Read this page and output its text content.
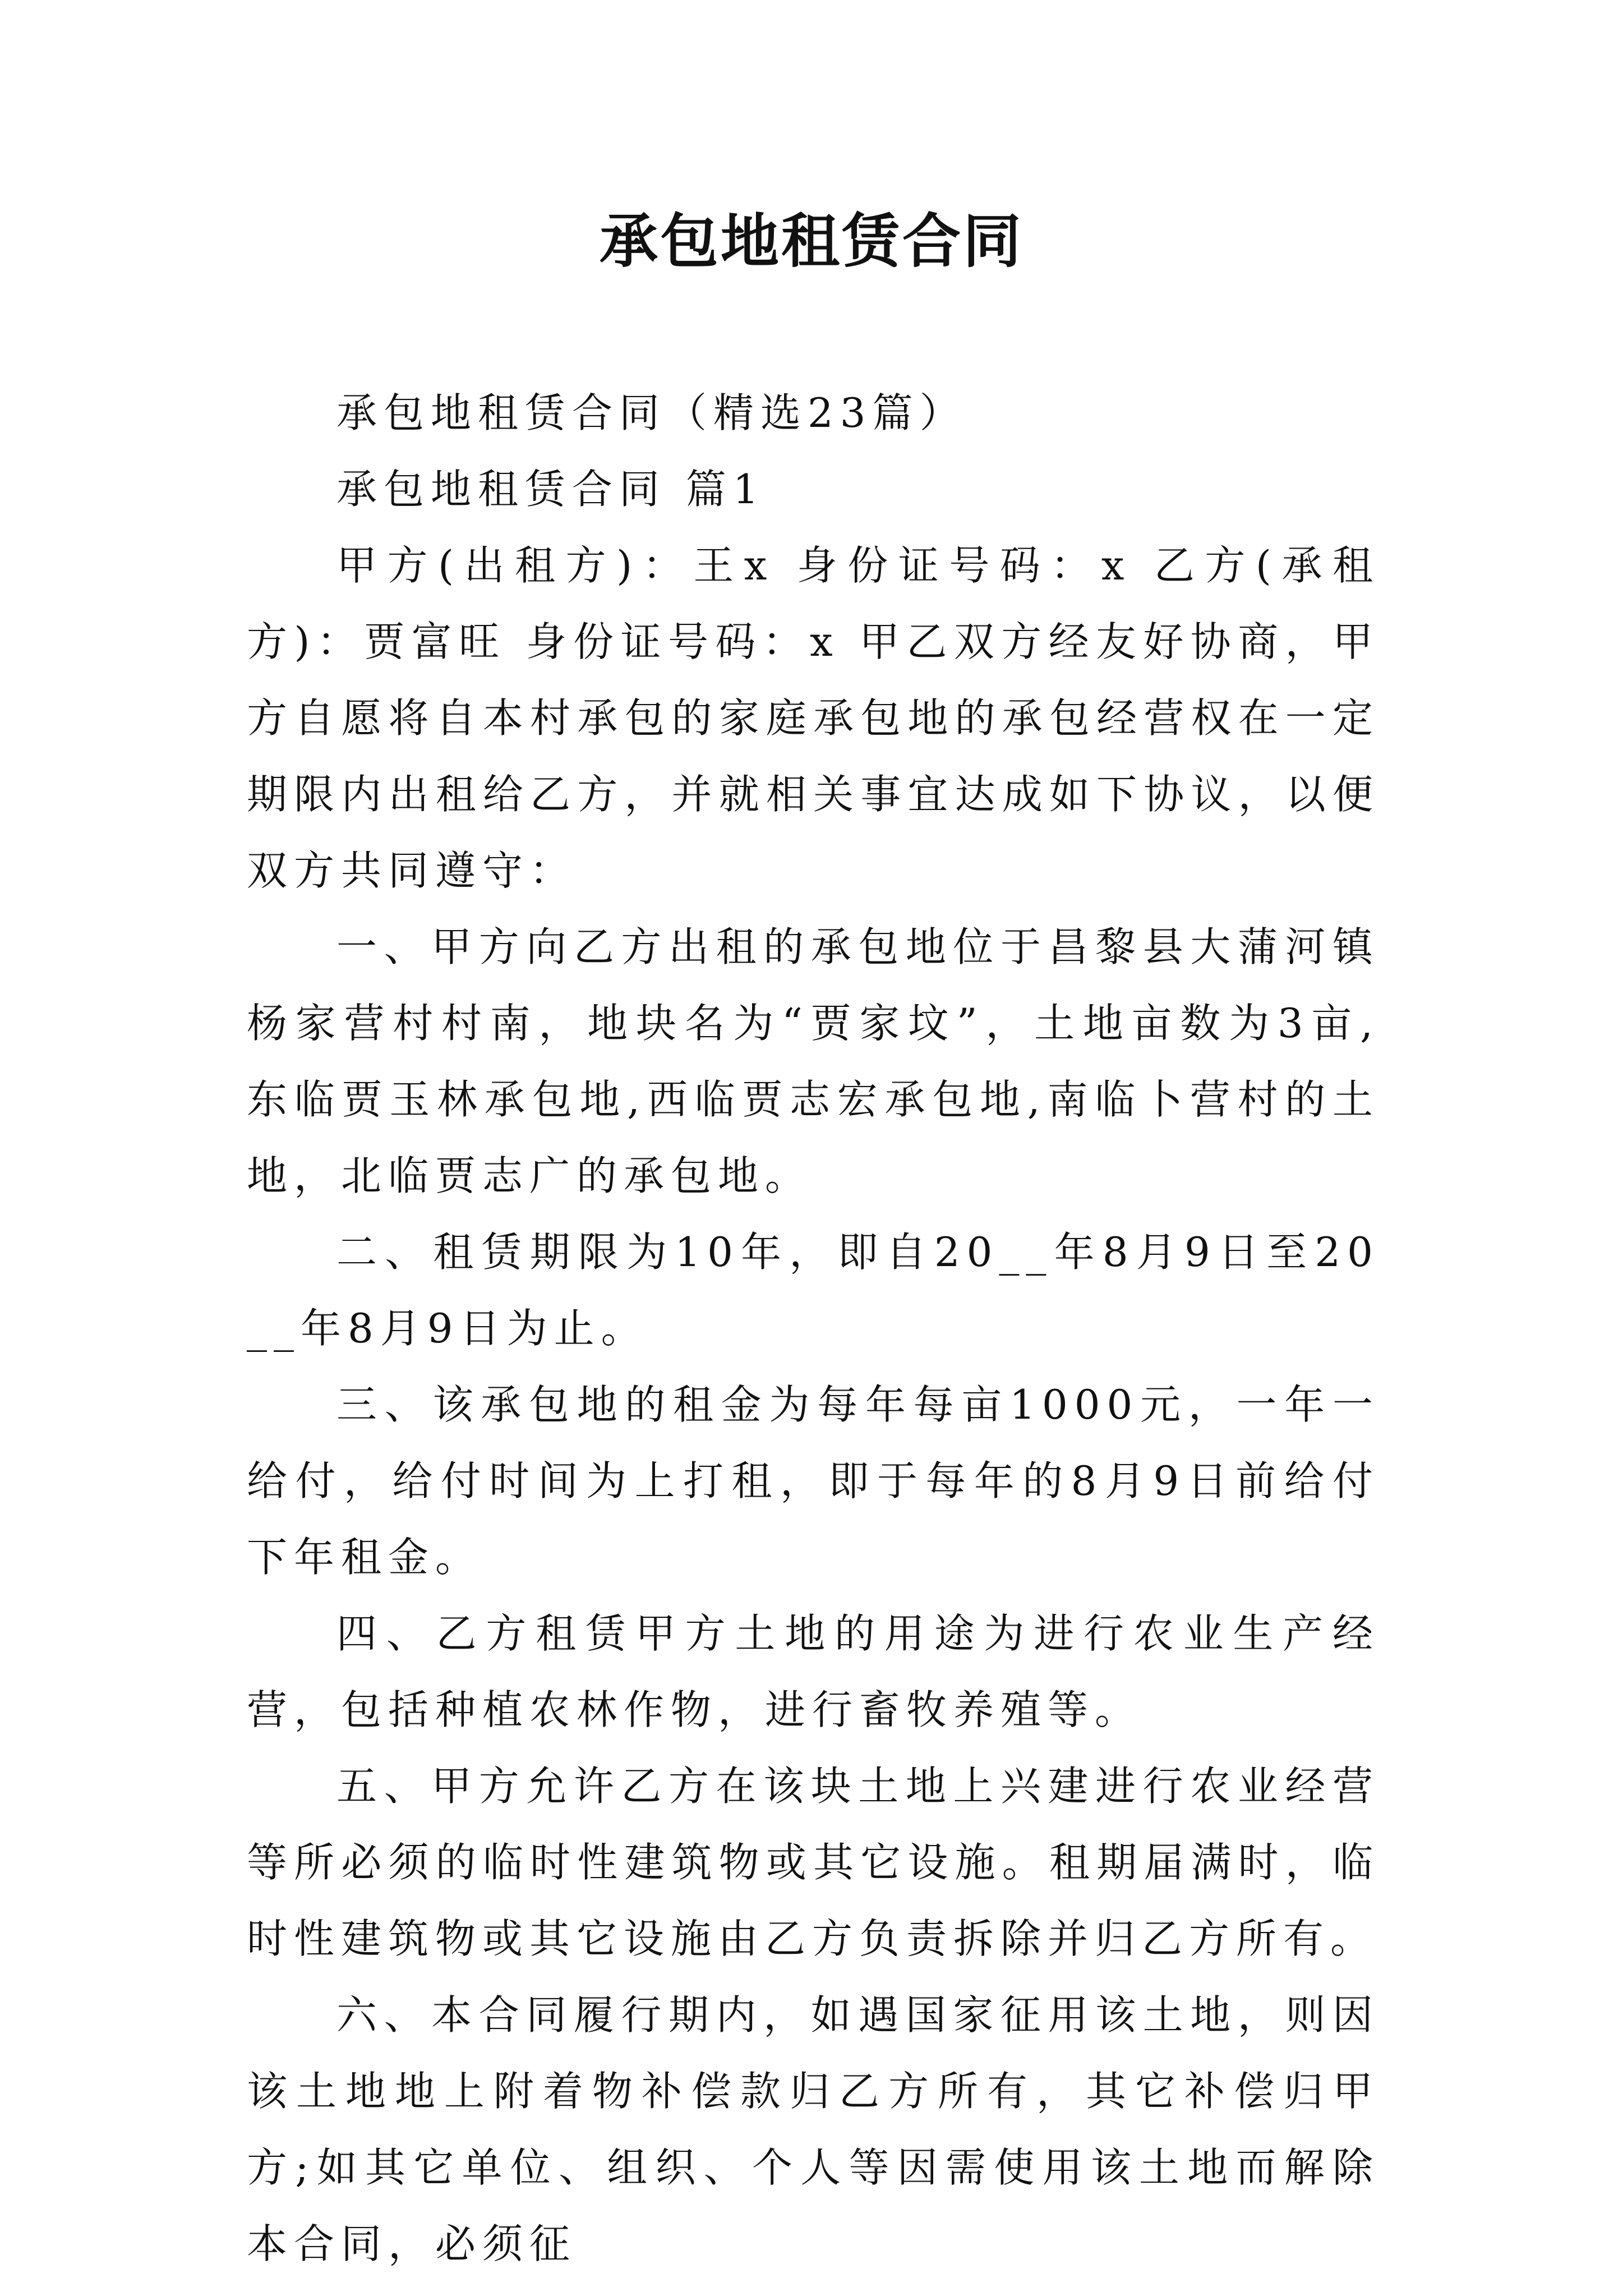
承包地租赁合同

承包地租赁合同（精选23篇）

承包地租赁合同 篇1

甲方(出租方)：王x 身份证号码：x 乙方(承租方)：贾富旺 身份证号码：x 甲乙双方经友好协商，甲方自愿将自本村承包的家庭承包地的承包经营权在一定期限内出租给乙方，并就相关事宜达成如下协议，以便双方共同遵守：

一、甲方向乙方出租的承包地位于昌黎县大蒲河镇杨家营村村南，地块名为“贾家坟”，土地亩数为3亩,东临贾玉林承包地,西临贾志宏承包地,南临卜营村的土地，北临贾志广的承包地。

二、租赁期限为10年，即自20__年8月9日至20__年8月9日为止。

三、该承包地的租金为每年每亩1000元，一年一给付，给付时间为上打租，即于每年的8月9日前给付下年租金。

四、乙方租赁甲方土地的用途为进行农业生产经营，包括种植农林作物，进行畜牧养殖等。

五、甲方允许乙方在该块土地上兴建进行农业经营等所必须的临时性建筑物或其它设施。租期届满时，临时性建筑物或其它设施由乙方负责拆除并归乙方所有。

六、本合同履行期内，如遇国家征用该土地，则因该土地地上附着物补偿款归乙方所有，其它补偿归甲方;如其它单位、组织、个人等因需使用该土地而解除本合同，必须征
